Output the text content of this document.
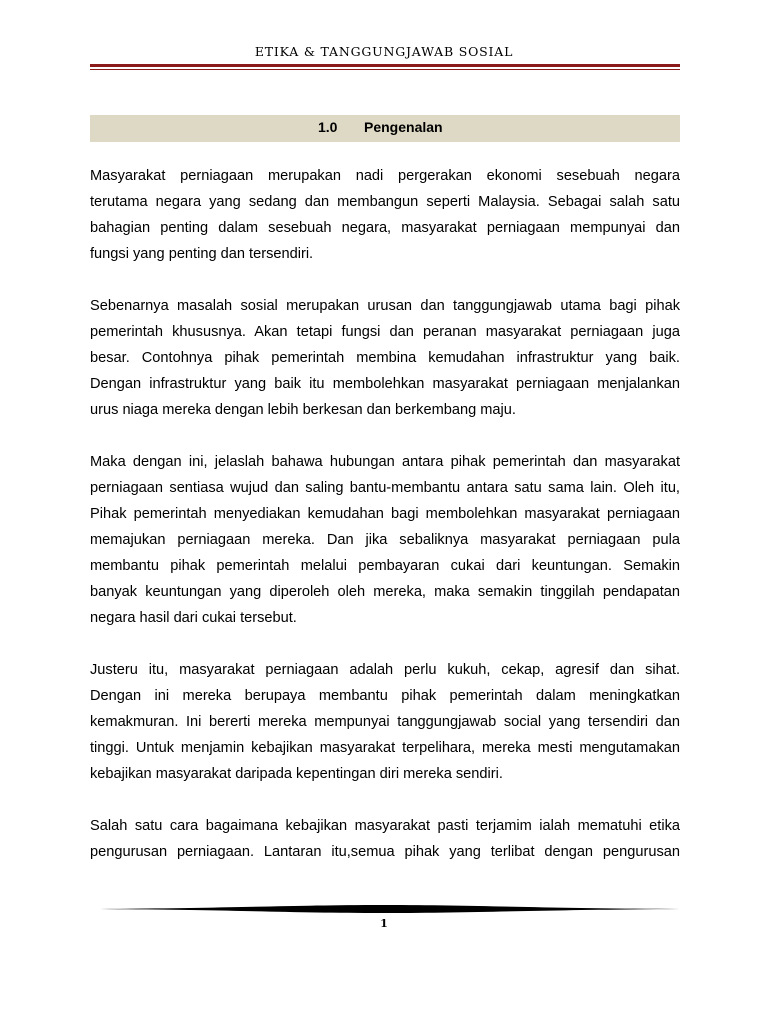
ETIKA & TANGGUNGJAWAB SOSIAL
1.0 Pengenalan
Masyarakat perniagaan merupakan nadi pergerakan ekonomi sesebuah negara
terutama negara yang sedang dan membangun seperti Malaysia. Sebagai salah satu
bahagian penting dalam sesebuah negara, masyarakat perniagaan mempunyai dan
fungsi yang penting dan tersendiri.
Sebenarnya masalah sosial merupakan urusan dan tanggungjawab utama bagi pihak
pemerintah khususnya. Akan tetapi fungsi dan peranan masyarakat perniagaan juga
besar. Contohnya pihak pemerintah membina kemudahan infrastruktur yang baik.
Dengan infrastruktur yang baik itu membolehkan masyarakat perniagaan menjalankan
urus niaga mereka dengan lebih berkesan dan berkembang maju.
Maka dengan ini, jelaslah bahawa hubungan antara pihak pemerintah dan masyarakat
perniagaan sentiasa wujud dan saling bantu-membantu antara satu sama lain. Oleh itu,
Pihak pemerintah menyediakan kemudahan bagi membolehkan masyarakat perniagaan
memajukan perniagaan mereka. Dan jika sebaliknya masyarakat perniagaan pula
membantu pihak pemerintah melalui pembayaran cukai dari keuntungan. Semakin
banyak keuntungan yang diperoleh oleh mereka, maka semakin tinggilah pendapatan
negara hasil dari cukai tersebut.
Justeru itu, masyarakat perniagaan adalah perlu kukuh, cekap, agresif dan sihat.
Dengan ini mereka berupaya membantu pihak pemerintah dalam meningkatkan
kemakmuran. Ini bererti mereka mempunyai tanggungjawab social yang tersendiri dan
tinggi. Untuk menjamin kebajikan masyarakat terpelihara, mereka mesti mengutamakan
kebajikan masyarakat daripada kepentingan diri mereka sendiri.
Salah satu cara bagaimana kebajikan masyarakat pasti terjamim ialah mematuhi etika
pengurusan perniagaan. Lantaran itu,semua pihak yang terlibat dengan pengurusan
1
